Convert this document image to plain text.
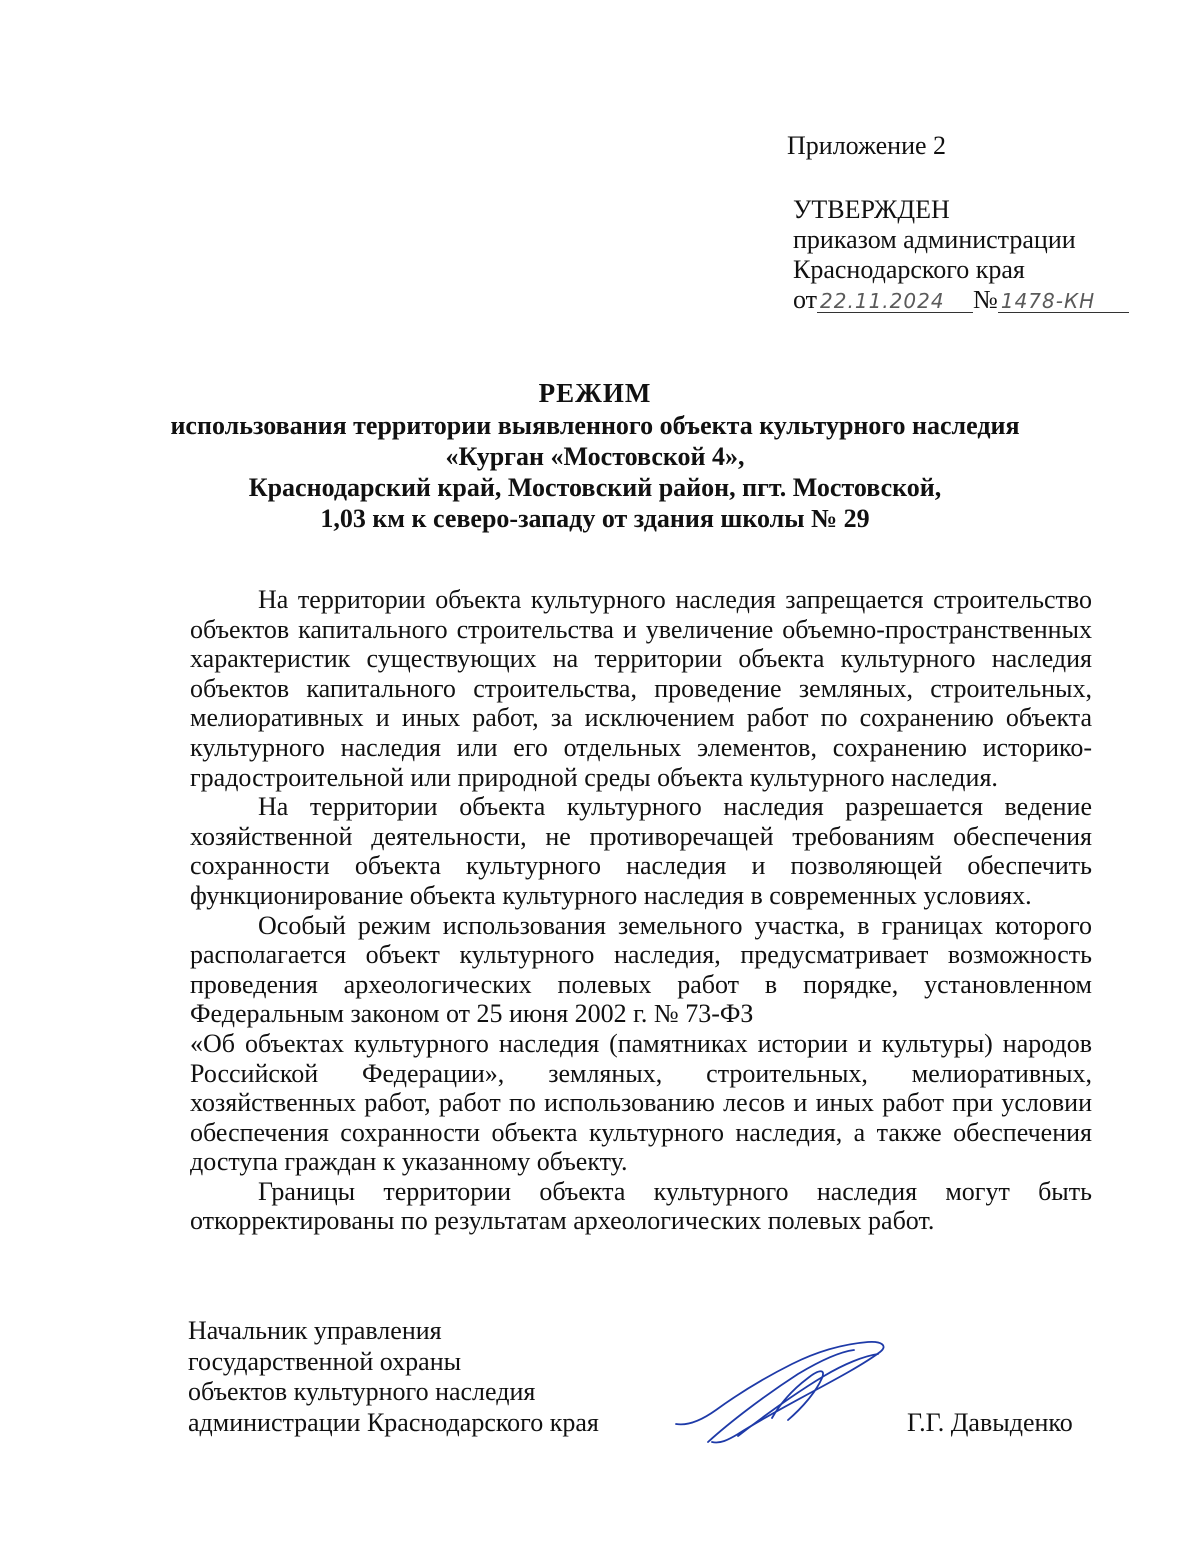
Приложение 2
УТВЕРЖДЕН
приказом администрации
Краснодарского края
от 22.11.2024 № 1478-КН
РЕЖИМ
использования территории выявленного объекта культурного наследия
«Курган «Мостовской 4»,
Краснодарский край, Мостовский район, пгт. Мостовской,
1,03 км к северо-западу от здания школы № 29

На территории объекта культурного наследия запрещается строительство объектов капитального строительства и увеличение объемно-пространственных характеристик существующих на территории объекта культурного наследия объектов капитального строительства, проведение земляных, строительных, мелиоративных и иных работ, за исключением работ по сохранению объекта культурного наследия или его отдельных элементов, сохранению историко-градостроительной или природной среды объекта культурного наследия.

На территории объекта культурного наследия разрешается ведение хозяйственной деятельности, не противоречащей требованиям обеспечения сохранности объекта культурного наследия и позволяющей обеспечить функционирование объекта культурного наследия в современных условиях.

Особый режим использования земельного участка, в границах которого располагается объект культурного наследия, предусматривает возможность проведения археологических полевых работ в порядке, установленном Федеральным законом от 25 июня 2002 г. № 73-ФЗ
«Об объектах культурного наследия (памятниках истории и культуры) народов Российской Федерации», земляных, строительных, мелиоративных, хозяйственных работ, работ по использованию лесов и иных работ при условии обеспечения сохранности объекта культурного наследия, а также обеспечения доступа граждан к указанному объекту.

Границы территории объекта культурного наследия могут быть откорректированы по результатам археологических полевых работ.

Начальник управления
государственной охраны
объектов культурного наследия
администрации Краснодарского края	Г.Г. Давыденко
